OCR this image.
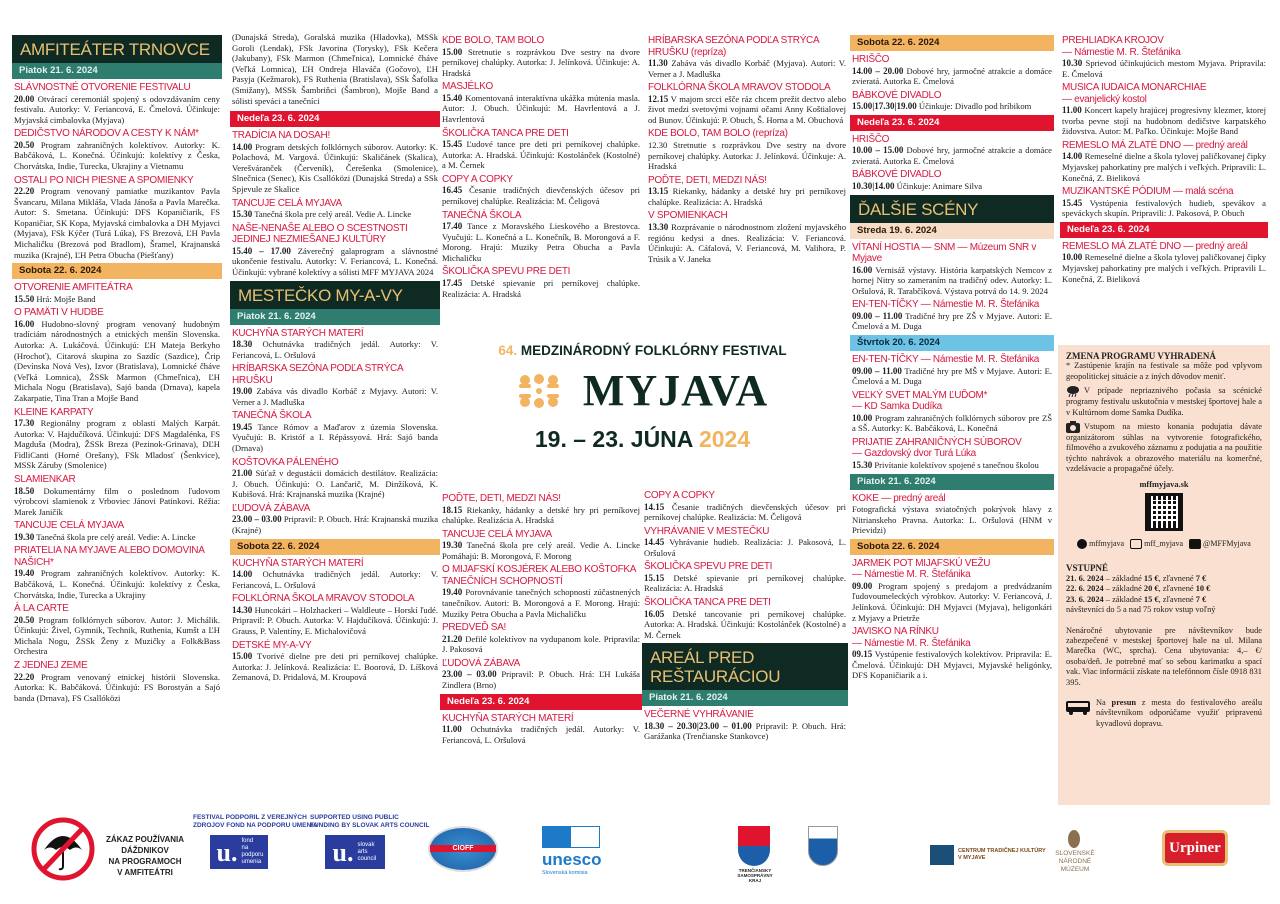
AMFITEÁTER TRNOVCE
Piatok 21. 6. 2024
SLÁVNOSTNÉ OTVORENIE FESTIVALU
20.00 Otvárací ceremoniál spojený s odovzdávaním ceny festivalu. Autorky: V. Feriancová, E. Čmelová. Účinkuje: Myjavská cimbalovka (Myjava)
DEDIČSTVO NÁRODOV A CESTY K NÁM*
20.50 Program zahraničných kolektívov. Autorky: K. Babčáková, L. Konečná. Účinkujú: kolektívy z Česka, Chorvátska, Indie, Turecka, Ukrajiny a Vietnamu
OSTALI PO NICH PIESNE A SPOMIENKY
22.20 Program venovaný pamiatke muzikantov Pavla Švancaru, Milana Mikláša, Vlada Jánoša a Pavla Marečka. Autor: S. Smetana. Účinkujú: DFS Kopaničiarik, FS Kopaničiar, SK Kopa, Myjavská cimbalovka a DH Myjavci (Myjava), FSk Kýčer (Turá Lúka), FS Brezová, ĽH Pavla Michaličku (Brezová pod Bradlom), Šramel, Krajnanská muzika (Krajné), ĽH Petra Obucha (Piešťany)
Sobota 22. 6. 2024
OTVORENIE AMFITEÁTRA
15.50 Hrá: Mojše Band
O PAMÄTI V HUDBE
16.00 Hudobno-slovný program venovaný hudobným tradíciám národnostných a etnických menšín Slovenska. Autorka: A. Lukáčová. Účinkujú: ĽH Mateja Berkyho (Hrochoť), Citarová skupina zo Sazdíc (Sazdice), Črip (Devínska Nová Ves), Izvor (Bratislava), Lomnické čháve (Veľká Lomnica), ŽSSk Marmon (Chmeľnica), ĽH Michala Nogu (Bratislava), Sajó banda (Drnava), kapela Zakarpatie, Tina Tran a Mojše Band
KLEINE KARPATY
17.30 Regionálny program z oblasti Malých Karpát. Autorka: V. Hajdučíková. Účinkujú: DFS Magdalénka, FS Magduša (Modra), ŽSSk Breza (Pezinok-Grinava), DĽH FidliCanti (Horné Orešany), FSk Mladosť (Šenkvice), MSSk Záruby (Smolenice)
SLAMIENKAR
18.50 Dokumentárny film o poslednom ľudovom výrobcovi slamienok z Vrboviec Jánovi Patinkovi. Réžia: Marek Janičík
TANCUJE CELÁ MYJAVA
19.30 Tanečná škola pre celý areál. Vedie: A. Lincke
PRIATELIA NA MYJAVE ALEBO DOMOVINA NAŠICH*
19.40 Program zahraničných kolektívov. Autorky: K. Babčáková, L. Konečná. Účinkujú: kolektívy z Česka, Chorvátska, Indie, Turecka a Ukrajiny
À LA CARTE
20.50 Program folklórnych súborov. Autor: J. Michálik. Účinkujú: Živel, Gymnik, Technik, Ruthenia, Kumšt a ĽH Michala Nogu, ŽSSk Ženy z Muzičky a Folk&Bass Orchestra
Z JEDNEJ ZEME
22.20 Program venovaný etnickej histórii Slovenska. Autorka: K. Babčáková. Účinkujú: FS Borostyán a Sajó banda (Drnava), FS Csallóközi
(Dunajská Streda), Goralská muzika (Hladovka), MSSk Goroli (Lendak), FSk Javorina (Torysky), FSk Kečera (Jakubany), FSk Marmon (Chmeľnica), Lomnické čháve (Veľká Lomnica), ĽH Ondreja Hlaváča (Gočovo), ĽH Pasyja (Kežmarok), FS Ruthenia (Bratislava), SSk Šafolka (Smižany), MSSk Šambriňci (Šambron), Mojše Band a sólisti speváci a tanečníci
Nedeľa 23. 6. 2024
TRADÍCIA NA DOSAH!
14.00 Program detských folklórnych súborov. Autorky: K. Polachová, M. Vargová. Účinkujú: Skaličánek (Skalica), Verešváranček (Červeník), Čerešenka (Smolenice), Slnečnica (Senec), Kis Csallóközi (Dunajská Streda) a SSk Spjevule ze Skalice
TANCUJE CELÁ MYJAVA
15.30 Tanečná škola pre celý areál. Vedie A. Lincke
NAŠE-NENAŠE ALEBO O SCESTNOSTI JEDINEJ NEZMIEŠANEJ KULTÚRY
15.40 – 17.00 Záverečný galaprogram a slávnostné ukončenie festivalu. Autorky: V. Feriancová, L. Konečná. Účinkujú: vybrané kolektívy a sólisti MFF MYJAVA 2024
MESTEČKO MY-A-VY
Piatok 21. 6. 2024
KUCHYŇA STARÝCH MATERÍ
18.30 Ochutnávka tradičných jedál. Autorky: V. Feriancová, L. Oršulová
HRÍBARSKA SEZÓNA PODĽA STRÝCA HRUŠKU
19.00 Zabáva vás divadlo Korbáč z Myjavy. Autori: V. Verner a J. Madluška
TANEČNÁ ŠKOLA
19.45 Tance Rómov a Maďarov z územia Slovenska. Vyučujú: B. Kristóf a I. Répássyová. Hrá: Sajó banda (Drnava)
KOŠTOVKA PÁLENÉHO
21.00 Súťaž v degustácii domácich destilátov. Realizácia: J. Obuch. Účinkujú: O. Lančarič, M. Dinžíková, K. Kubišová. Hrá: Krajnanská muzika (Krajné)
ĽUDOVÁ ZÁBAVA
23.00 – 03.00 Pripravil: P. Obuch. Hrá: Krajnanská muzika (Krajné)
Sobota 22. 6. 2024
KUCHYŇA STARÝCH MATERÍ
14.00 Ochutnávka tradičných jedál. Autorky: V. Feriancová, L. Oršulová
FOLKLÓRNA ŠKOLA MRAVOV STODOLA
14.30 Huncokári – Holzhackeri – Waldleute – Horskí ľudé. Pripravil: P. Obuch. Autorka: V. Hajdučíková. Účinkujú: J. Grauss, P. Valentíny, E. Michalovičová
DETSKÉ MY-A-VY
15.00 Tvorivé dielne pre deti pri perníkovej chalúpke. Autorka: J. Jelínková. Realizácia: Ľ. Boorová, D. Líšková Zemanová, D. Pridalová, M. Kroupová
KDE BOLO, TAM BOLO
15.00 Stretnutie s rozprávkou Dve sestry na dvore perníkovej chalúpky. Autorka: J. Jelínková. Účinkuje: A. Hradská
MASJÉLKO
15.40 Komentovaná interaktívna ukážka mútenia masla. Autor: J. Obuch. Účinkujú: M. Havrlentová a J. Havrlentová
ŠKOLIČKA TANCA PRE DETI
15.45 Ľudové tance pre deti pri perníkovej chalúpke. Autorka: A. Hradská. Účinkujú: Kostolánček (Kostolné) a M. Černek
COPY A COPKY
16.45 Česanie tradičných dievčenských účesov pri perníkovej chalúpke. Realizácia: M. Čeligová
TANEČNÁ ŠKOLA
17.40 Tance z Moravského Lieskového a Brestovca. Vyučujú: L. Konečná a L. Konečník, B. Morongová a F. Morong. Hrajú: Muziky Petra Obucha a Pavla Michaličku
ŠKOLIČKA SPEVU PRE DETI
17.45 Detské spievanie pri perníkovej chalúpke. Realizácia: A. Hradská
HRÍBARSKA SEZÓNA PODĽA STRÝCA HRUŠKU (repríza)
11.30 Zabáva vás divadlo Korbáč (Myjava). Autori: V. Verner a J. Madluška
FOLKLÓRNA ŠKOLA MRAVOV STODOLA
12.15 V majom srcci ešče ráz chcem prežit dectvo alebo život medzi svetovými vojnami očami Anny Koštialovej od Bunov. Účinkujú: P. Obuch, Š. Horna a M. Obuchová
KDE BOLO, TAM BOLO (repríza)
12.30 Stretnutie s rozprávkou Dve sestry na dvore perníkovej chalúpky. Autorka: J. Jelínková. Účinkuje: A. Hradská
POĎTE, DETI, MEDZI NÁS!
13.15 Riekanky, hádanky a detské hry pri perníkovej chalúpke. Realizácia: A. Hradská
V SPOMIENKACH
13.30 Rozprávanie o národnostnom zložení myjavského regiónu kedysi a dnes. Realizácia: V. Feriancová. Účinkujú: A. Cáfalová, V. Feriancová, M. Valihora, P. Trúsik a V. Janeka
POĎTE, DETI, MEDZI NÁS!
18.15 Riekanky, hádanky a detské hry pri perníkovej chalúpke. Realizácia A. Hradská
TANCUJE CELÁ MYJAVA
19.30 Tanečná škola pre celý areál. Vedie A. Lincke Pomáhajú: B. Morongová, F. Morong
O MIJAFSKÍ KOSJÉREK ALEBO KOŠTOFKA TANEČNÍCH SCHOPNOSTÍ
19.40 Porovnávanie tanečných schopností zúčastnených tanečníkov. Autori: B. Morongová a F. Morong. Hrajú: Muziky Petra Obucha a Pavla Michaličku
PREDVEĎ SA!
21.20 Defilé kolektívov na vydupanom kole. Pripravila: J. Pakosová
ĽUDOVÁ ZÁBAVA
23.00 – 03.00 Pripravil: P. Obuch. Hrá: ĽH Lukáša Zindlera (Brno)
Nedeľa 23. 6. 2024
KUCHYŇA STARÝCH MATERÍ
11.00 Ochutnávka tradičných jedál. Autorky: V. Feriancová, L. Oršulová
COPY A COPKY
14.15 Česanie tradičných dievčenských účesov pri perníkovej chalúpke. Realizácia: M. Čeligová
VYHRÁVANIE V MESTEČKU
14.45 Vyhrávanie hudieb. Realizácia: J. Pakosová, L. Oršulová
ŠKOLIČKA SPEVU PRE DETI
15.15 Detské spievanie pri perníkovej chalúpke. Realizácia: A. Hradská
ŠKOLIČKA TANCA PRE DETI
16.05 Detské tancovanie pri perníkovej chalúpke. Autorka: A. Hradská. Účinkujú: Kostolánček (Kostolné) a M. Černek
AREÁL PRED REŠTAURÁCIOU
Piatok 21. 6. 2024
VEČERNÉ VYHRÁVANIE
18.30 – 20.30|23.00 – 01.00 Pripravil: P. Obuch. Hrá: Garážanka (Trenčianske Stankovce)
Sobota 22. 6. 2024
HRIŠČO
14.00 – 20.00 Dobové hry, jarmočné atrakcie a domáce zvieratá. Autorka E. Čmelová
BÁBKOVÉ DIVADLO
15.00|17.30|19.00 Účinkuje: Divadlo pod hríbikom
Nedeľa 23. 6. 2024
HRIŠČO
10.00 – 15.00 Dobové hry, jarmočné atrakcie a domáce zvieratá. Autorka E. Čmelová
BÁBKOVÉ DIVADLO
10.30|14.00 Účinkuje: Animare Silva
ĎALŠIE SCÉNY
Streda 19. 6. 2024
VÍTANÍ HOSTIA — SNM — Múzeum SNR v Myjave
16.00 Vernisáž výstavy. História karpatských Nemcov z hornej Nitry so zameraním na tradičný odev. Autorky: L. Oršulová, R. Tarabčíková. Výstava potrvá do 14. 9. 2024
EN-TEN-TÍČKY — Námestie M. R. Štefánika
09.00 – 11.00 Tradičné hry pre ZŠ v Myjave. Autori: E. Čmelová a M. Duga
Štvrtok 20. 6. 2024
EN-TEN-TÍČKY — Námestie M. R. Štefánika
09.00 – 11.00 Tradičné hry pre MŠ v Myjave. Autori: E. Čmelová a M. Duga
VEĽKÝ SVET MALÝM ĽUĎOM*
— KD Samka Dudíka
10.00 Program zahraničných folklórnych súborov pre ZŠ a SŠ. Autorky: K. Babčáková, L. Konečná
PRIJATIE ZAHRANIČNÝCH SÚBOROV
— Gazdovský dvor Turá Lúka
15.30 Privítanie kolektívov spojené s tanečnou školou
Piatok 21. 6. 2024
KOKE — predný areál
Fotografická výstava sviatočných pokrývok hlavy z Nitrianskeho Pravna. Autorka: L. Oršulová (HNM v Prievidzi)
Sobota 22. 6. 2024
JARMEK POT MIJAFSKÚ VEŽU
— Námestie M. R. Štefánika
09.00 Program spojený s predajom a predvádzaním ľudovoumeleckých výrobkov. Autorky: V. Feriancová, J. Jelínková. Účinkujú: DH Myjavci (Myjava), heligonkári z Myjavy a Prietrže
JAVISKO NA RÍNKU
— Námestie M. R. Štefánika
09.15 Vystúpenie festivalových kolektívov. Pripravila: E. Čmelová. Účinkujú: DH Myjavci, Myjavské heligónky, DFS Kopaničiarik a i.
PREHLIADKA KROJOV
— Námestie M. R. Štefánika
10.30 Sprievod účinkujúcich mestom Myjava. Pripravila: E. Čmelová
MUSICA IUDAICA MONARCHIAE
— evanjelický kostol
11.00 Koncert kapely hrajúcej progresívny klezmer, ktorej tvorba pevne stojí na hudobnom dedičstve karpatského židovstva. Autor: M. Paľko. Účinkuje: Mojše Band
REMESLO MÁ ZLATÉ DNO — predný areál
14.00 Remeselné dielne a škola tylovej paličkovanej čipky Myjavskej pahorkatiny pre malých i veľkých. Pripravili: L. Konečná, Z. Bieliková
MUZIKANTSKÉ PÓDIUM — malá scéna
15.45 Vystúpenia festivalových hudieb, spevákov a speváckych skupín. Pripravili: J. Pakosová, P. Obuch
Nedeľa 23. 6. 2024
REMESLO MÁ ZLATÉ DNO — predný areál
10.00 Remeselné dielne a škola tylovej paličkovanej čipky Myjavskej pahorkatiny pre malých i veľkých. Pripravili L. Konečná, Z. Bieliková
64. MEDZINÁRODNÝ FOLKLÓRNY FESTIVAL
MYJAVA
19. – 23. JÚNA 2024
ZMENA PROGRAMU VYHRADENÁ
* Zastúpenie krajín na festivale sa môže pod vplyvom geopolitickej situácie a z iných dôvodov meniť.
V prípade nepriaznivého počasia sa scénické programy festivalu uskutočnia v mestskej športovej hale a v Kultúrnom dome Samka Dudíka.
Vstupom na miesto konania podujatia dávate organizátorom súhlas na vytvorenie fotografického, filmového a zvukového záznamu z podujatia a na použitie týchto nahrávok a obrazového materiálu na komerčné, vzdelávacie a propagačné účely.
mffmyjava.sk
mffmyjava	mff_myjava	@MFFMyjava
VSTUPNÉ
21. 6. 2024 – základné 15 €, zľavnené 7 €
22. 6. 2024 – základné 20 €, zľavnené 10 €
23. 6. 2024 – základné 15 €, zľavnené 7 €
návštevníci do 5 a nad 75 rokov vstup voľný
Nenáročné ubytovanie pre návštevníkov bude zabezpečené v mestskej športovej hale na ul. Milana Marečka (WC, sprcha). Cena ubytovania: 4,– €/ osoba/deň. Je potrebné mať so sebou karimatku a spací vak. Viac informácií získate na telefónnom čísle 0918 831 395.
Na presun z mesta do festivalového areálu návštevníkom odporúčame využiť pripravenú kyvadlovú dopravu.
ZÁKAZ POUŽÍVANIA
DÁŽDNIKOV
NA PROGRAMOCH
V AMFITEÁTRI
FESTIVAL PODPORIL Z VEREJNÝCH
ZDROJOV FOND NA PODPORU UMENIA
u. fond na podporu umenia
SUPPORTED USING PUBLIC
FUNDING BY SLOVAK ARTS COUNCIL
u. slovak arts council
CIOFF
unesco
Slovenská komisia	TRENČIANSKY SAMOSPRÁVNY KRAJ
CENTRUM TRADIČNEJ KULTÚRY V MYJAVE
SLOVENSKÉ NÁRODNÉ MÚZEUM
Urpiner
